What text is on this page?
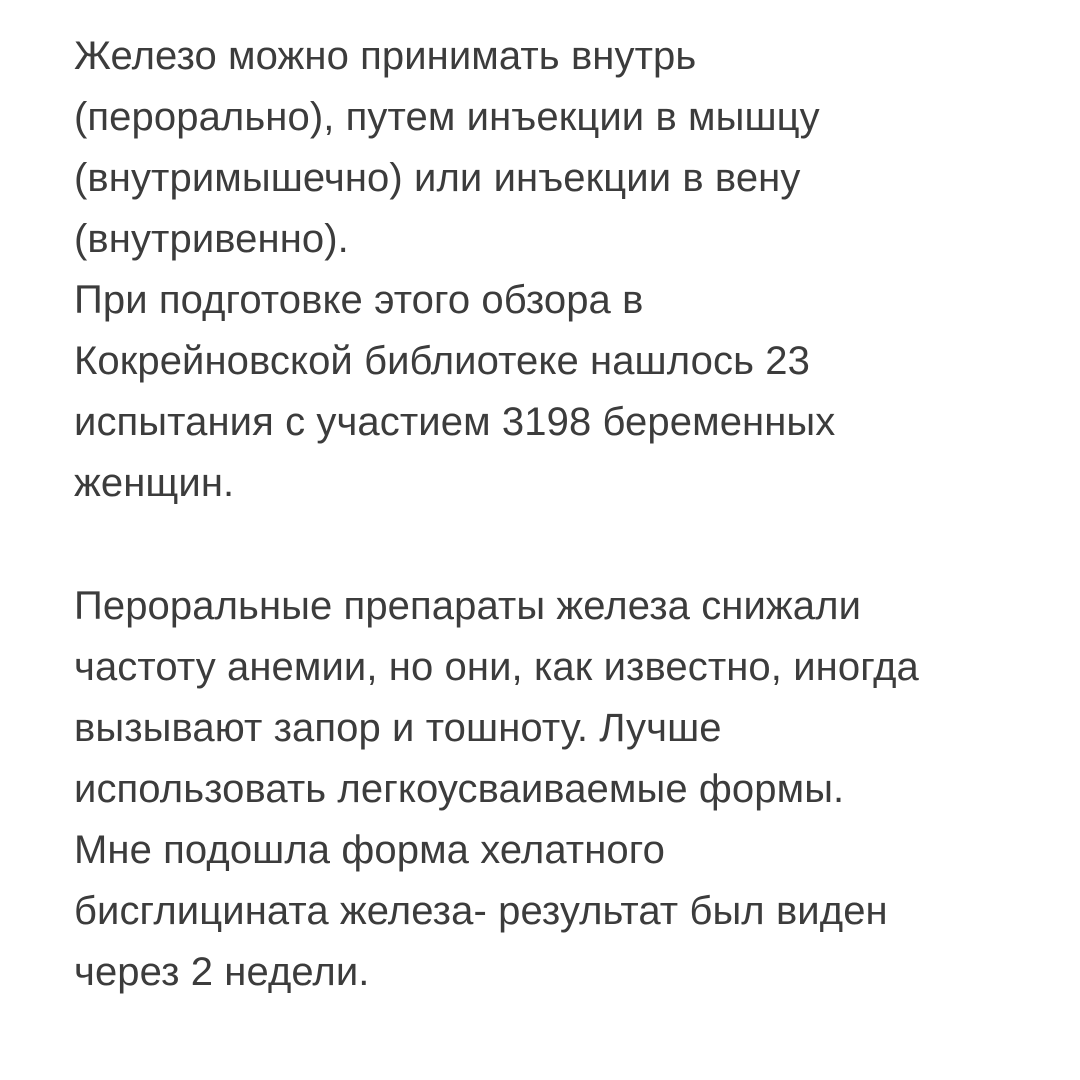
Железо можно принимать внутрь
(перорально), путем инъекции в мышцу
(внутримышечно) или инъекции в вену
(внутривенно).
При подготовке этого обзора в
Кокрейновской библиотеке нашлось 23
испытания с участием 3198 беременных
женщин.
Пероральные препараты железа снижали
частоту анемии, но они, как известно, иногда
вызывают запор и тошноту. Лучше
использовать легкоусваиваемые формы.
Мне подошла форма хелатного
бисглицината железа- результат был виден
через 2 недели.
